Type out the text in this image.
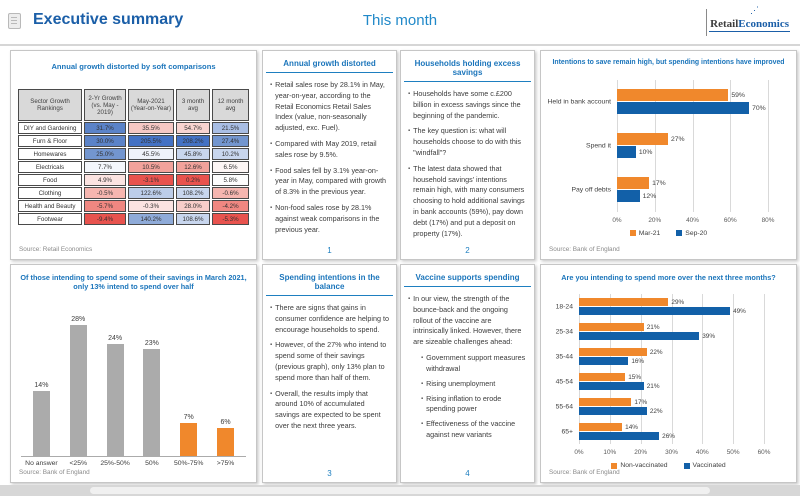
Executive summary	This month
⋰
RetailEconomics
Annual growth distorted by soft comparisons
Sector Growth Rankings	2-Yr Growth (vs. May - 2019)	May-2021 (Year-on-Year)	3 month avg	12 month avg
DIY and Gardening	31.7%	35.5%	54.7%	21.5%
Furn & Floor	30.0%	205.5%	208.2%	27.4%
Homewares	25.0%	45.5%	45.8%	10.2%
Electricals	7.7%	10.5%	12.6%	6.5%
Food	4.9%	-3.1%	0.2%	5.8%
Clothing	-0.5%	122.6%	108.2%	-0.6%
Health and Beauty	-5.7%	-0.3%	28.0%	-4.2%
Footwear	-9.4%	140.2%	108.6%	-5.3%
Source: Retail Economics
Annual growth distorted
▪
Retail sales rose by 28.1% in May, year-on-year, according to the Retail Economics Retail Sales Index (value, non-seasonally adjusted, exc. Fuel).
▪
Compared with May 2019, retail sales rose by 9.5%.
▪
Food sales fell by 3.1% year-on-year in May, compared with growth of 8.3% in the previous year.
▪
Non-food sales rose by 28.1% against weak comparisons in the previous year.
1
Households holding excess savings
▪
Households have some c.£200 billion in excess savings since the beginning of the pandemic.
▪
The key question is: what will households choose to do with this "windfall"?
▪
The latest data showed that household savings' intentions remain high, with many consumers choosing to hold additional savings in bank accounts (59%), pay down debt (17%) and put a deposit on property (17%).
2
Spending intentions in the balance
▪
There are signs that gains in consumer confidence are helping to encourage households to spend.
▪
However, of the 27% who intend to spend some of their savings (previous graph), only 13% plan to spend more than half of them.
▪
Overall, the results imply that around 10% of accumulated savings are expected to be spent over the next three years.
3
Vaccine supports spending
▪
In our view, the strength of the bounce-back and the ongoing rollout of the vaccine are intrinsically linked. However, there are sizeable challenges ahead:
▪
Government support measures withdrawal
▪
Rising unemployment
▪
Rising inflation to erode spending power
▪
Effectiveness of the vaccine against new variants
4
Intentions to save remain high, but spending intentions have improved
Held in bank account
59%
70%
Spend it
27%
10%
Pay off debts
17%
12%
0%	20%	40%	60%	80%
Mar-21	Sep-20
Source: Bank of England
Of those intending to spend some of their savings in March 2021, only 13% intend to spend over half
14%
28%
24%
23%
7%
6%
No answer	<25%	25%-50%	50%	50%-75%	>75%
Source: Bank of England
Are you intending to spend more over the next three months?
18-24
29%
49%
25-34
21%
39%
35-44
22%
16%
45-54
15%
21%
55-64
17%
22%
65+
14%
26%
0%	10%	20%	30%	40%	50%	60%
Non-vaccinated	Vaccinated
Source: Bank of England
